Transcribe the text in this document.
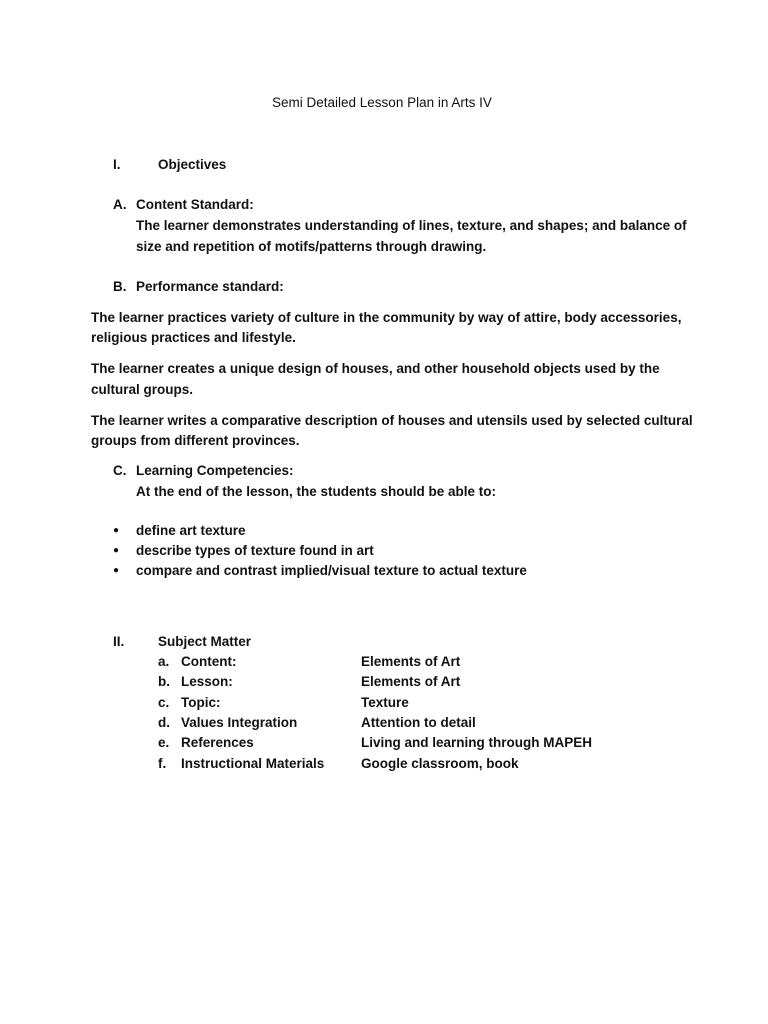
Semi Detailed Lesson Plan in Arts IV
I.	Objectives
A. Content Standard:
The learner demonstrates understanding of lines, texture, and shapes; and balance of
size and repetition of motifs/patterns through drawing.
B. Performance standard:
The learner practices variety of culture in the community by way of attire, body accessories,
religious practices and lifestyle.
The learner creates a unique design of houses, and other household objects used by the
cultural groups.
The learner writes a comparative description of houses and utensils used by selected cultural
groups from different provinces.
C. Learning Competencies:
At the end of the lesson, the students should be able to:
● define art texture
● describe types of texture found in art
● compare and contrast implied/visual texture to actual texture
II. Subject Matter
a. Content:	Elements of Art
b. Lesson:	Elements of Art
c. Topic:	Texture
d. Values Integration	Attention to detail
e. References	Living and learning through MAPEH
f. Instructional Materials	Google classroom, book
